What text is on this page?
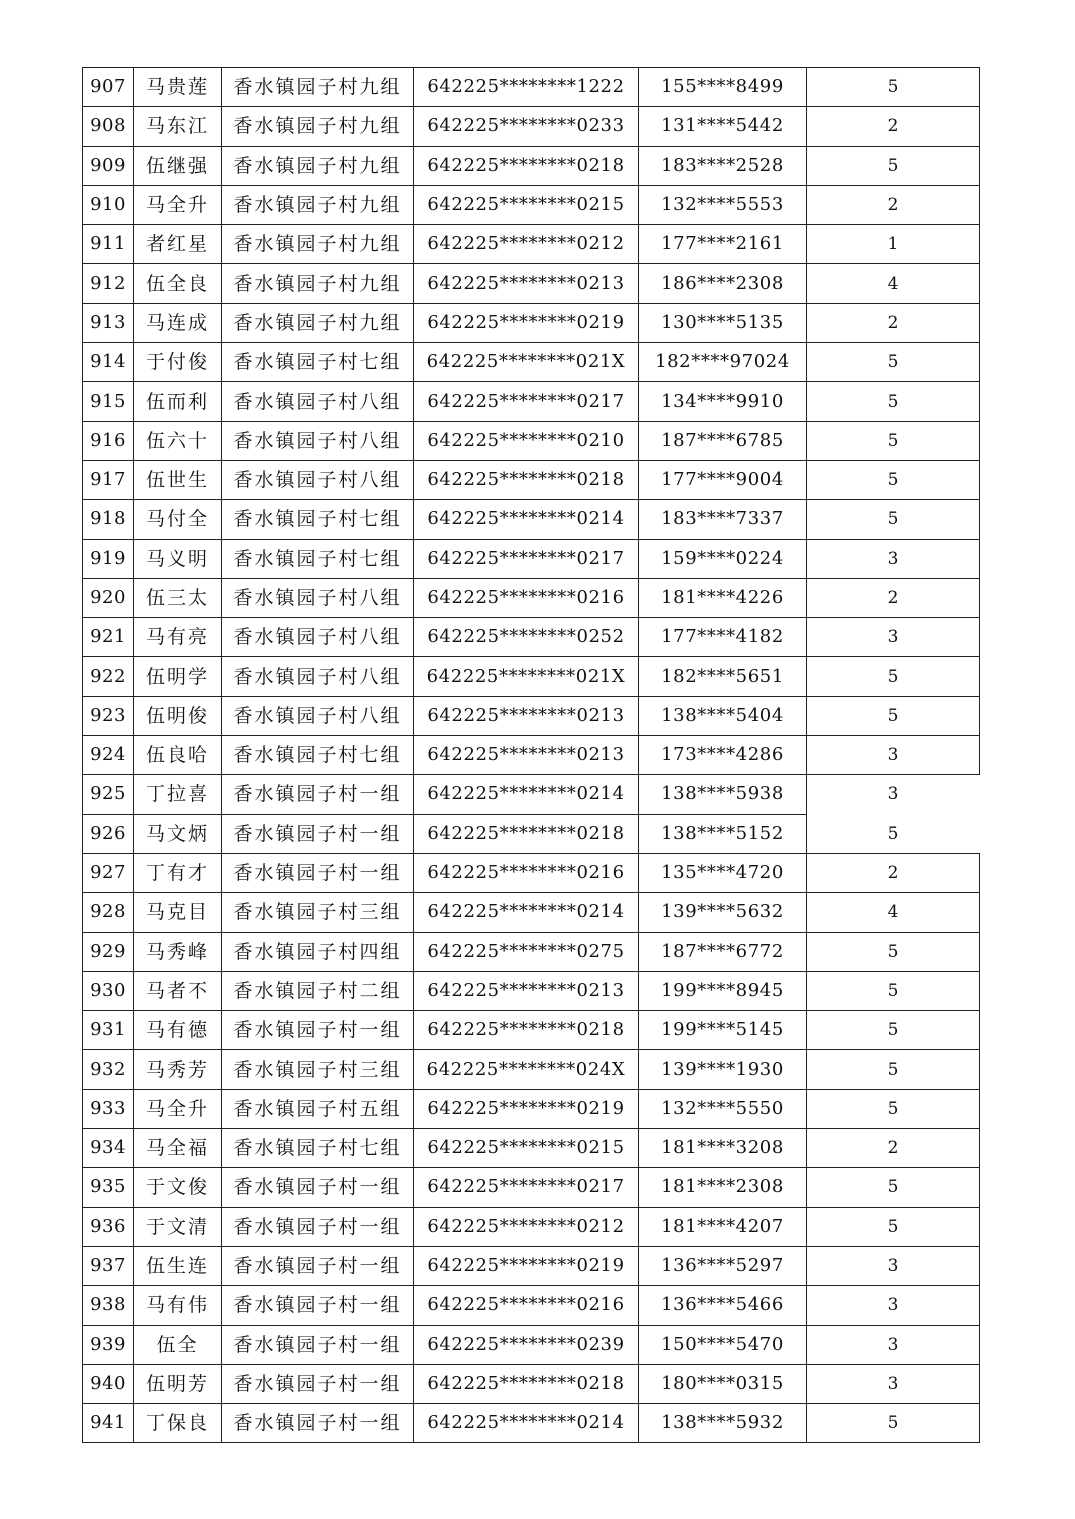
907	马贵莲	香水镇园子村九组	642225********1222	155****8499	5
908	马东江	香水镇园子村九组	642225********0233	131****5442	2
909	伍继强	香水镇园子村九组	642225********0218	183****2528	5
910	马全升	香水镇园子村九组	642225********0215	132****5553	2
911	者红星	香水镇园子村九组	642225********0212	177****2161	1
912	伍全良	香水镇园子村九组	642225********0213	186****2308	4
913	马连成	香水镇园子村九组	642225********0219	130****5135	2
914	于付俊	香水镇园子村七组	642225********021X	182****97024	5
915	伍而利	香水镇园子村八组	642225********0217	134****9910	5
916	伍六十	香水镇园子村八组	642225********0210	187****6785	5
917	伍世生	香水镇园子村八组	642225********0218	177****9004	5
918	马付全	香水镇园子村七组	642225********0214	183****7337	5
919	马义明	香水镇园子村七组	642225********0217	159****0224	3
920	伍三太	香水镇园子村八组	642225********0216	181****4226	2
921	马有亮	香水镇园子村八组	642225********0252	177****4182	3
922	伍明学	香水镇园子村八组	642225********021X	182****5651	5
923	伍明俊	香水镇园子村八组	642225********0213	138****5404	5
924	伍良哈	香水镇园子村七组	642225********0213	173****4286	3
925	丁拉喜	香水镇园子村一组	642225********0214	138****5938	3
926	马文炳	香水镇园子村一组	642225********0218	138****5152	5
927	丁有才	香水镇园子村一组	642225********0216	135****4720	2
928	马克目	香水镇园子村三组	642225********0214	139****5632	4
929	马秀峰	香水镇园子村四组	642225********0275	187****6772	5
930	马者不	香水镇园子村二组	642225********0213	199****8945	5
931	马有德	香水镇园子村一组	642225********0218	199****5145	5
932	马秀芳	香水镇园子村三组	642225********024X	139****1930	5
933	马全升	香水镇园子村五组	642225********0219	132****5550	5
934	马全福	香水镇园子村七组	642225********0215	181****3208	2
935	于文俊	香水镇园子村一组	642225********0217	181****2308	5
936	于文清	香水镇园子村一组	642225********0212	181****4207	5
937	伍生连	香水镇园子村一组	642225********0219	136****5297	3
938	马有伟	香水镇园子村一组	642225********0216	136****5466	3
939	伍全	香水镇园子村一组	642225********0239	150****5470	3
940	伍明芳	香水镇园子村一组	642225********0218	180****0315	3
941	丁保良	香水镇园子村一组	642225********0214	138****5932	5
